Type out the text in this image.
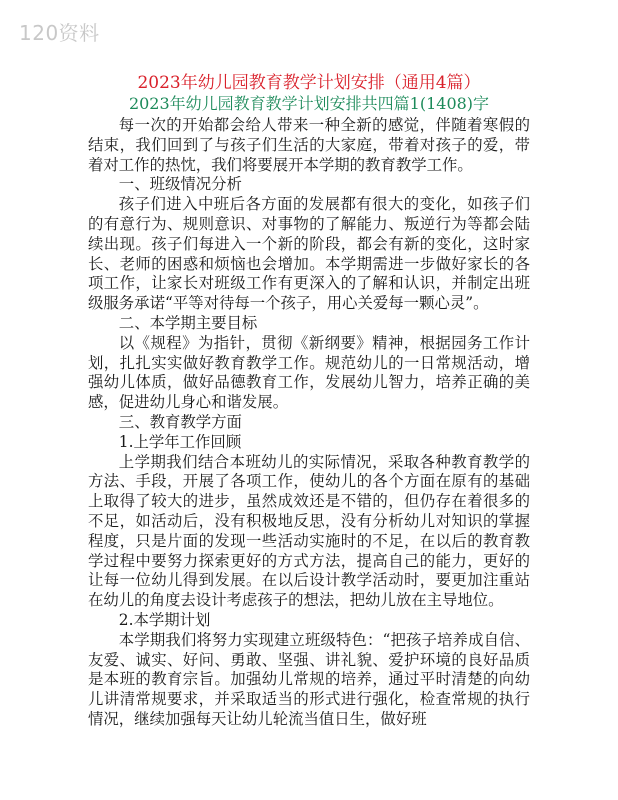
120资料
2023年幼儿园教育教学计划安排（通用4篇）
2023年幼儿园教育教学计划安排共四篇1(1408)字

每一次的开始都会给人带来一种全新的感觉，伴随着寒假的结束，我们回到了与孩子们生活的大家庭，带着对孩子的爱，带着对工作的热忱，我们将要展开本学期的教育教学工作。

一、班级情况分析

孩子们进入中班后各方面的发展都有很大的变化，如孩子们的有意行为、规则意识、对事物的了解能力、叛逆行为等都会陆续出现。孩子们每进入一个新的阶段，都会有新的变化，这时家长、老师的困惑和烦恼也会增加。本学期需进一步做好家长的各项工作，让家长对班级工作有更深入的了解和认识，并制定出班级服务承诺“平等对待每一个孩子，用心关爱每一颗心灵”。

二、本学期主要目标

以《规程》为指针，贯彻《新纲要》精神，根据园务工作计划，扎扎实实做好教育教学工作。规范幼儿的一日常规活动，增强幼儿体质，做好品德教育工作，发展幼儿智力，培养正确的美感，促进幼儿身心和谐发展。

三、教育教学方面

1.上学年工作回顾

上学期我们结合本班幼儿的实际情况，采取各种教育教学的方法、手段，开展了各项工作，使幼儿的各个方面在原有的基础上取得了较大的进步，虽然成效还是不错的，但仍存在着很多的不足，如活动后，没有积极地反思，没有分析幼儿对知识的掌握程度，只是片面的发现一些活动实施时的不足，在以后的教育教学过程中要努力探索更好的方式方法，提高自己的能力，更好的让每一位幼儿得到发展。在以后设计教学活动时，要更加注重站在幼儿的角度去设计考虑孩子的想法，把幼儿放在主导地位。

2.本学期计划

本学期我们将努力实现建立班级特色：“把孩子培养成自信、友爱、诚实、好问、勇敢、坚强、讲礼貌、爱护环境的良好品质是本班的教育宗旨。加强幼儿常规的培养，通过平时清楚的向幼儿讲清常规要求，并采取适当的形式进行强化，检查常规的执行情况，继续加强每天让幼儿轮流当值日生，做好班
